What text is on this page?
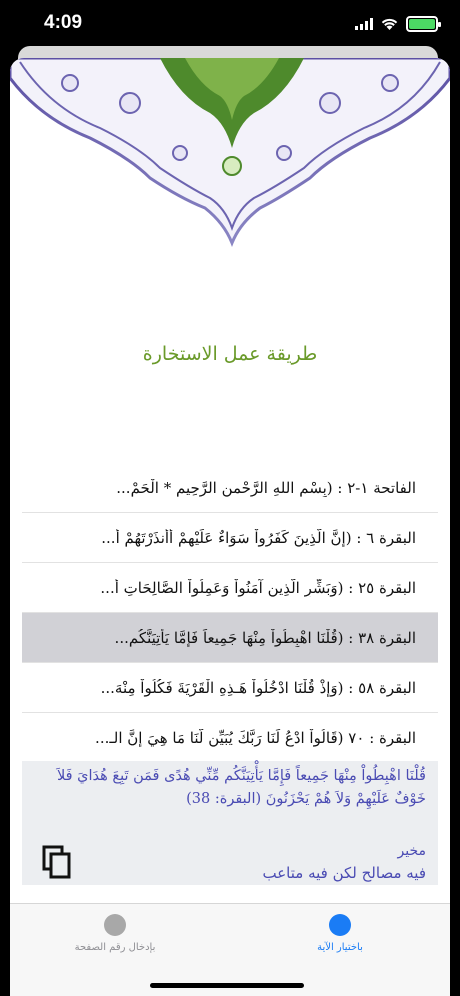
4:09
طريقة عمل الاستخارة
الفاتحة ١-٢ : (بِسْمِ اللهِ الرَّحْمنِ الرَّحِيمِ * الْحَمْ...
البقرة ٦ : (إِنَّ الَّذِينَ كَفَرُواْ سَوَاءٌ عَلَيْهِمْ أَأَنذَرْتَهُمْ أ...
البقرة ٢٥ : (وَبَشِّرِ الَّذِين آمَنُواْ وَعَمِلُواْ الصَّالِحَاتِ أ...
البقرة ٣٨ : (قُلْنَا اهْبِطُواْ مِنْهَا جَمِيعاً فَإِمَّا يَأْتِيَنَّكُم...
البقرة ٥٨ : (وَإِذْ قُلْنَا ادْخُلُواْ هَـذِهِ الْقَرْيَةَ فَكُلُواْ مِنْهَ...
البقرة : ٧٠ (قَالُواْ ادْعُ لَنَا رَبَّكَ يُبَيِّن لَّنَا مَا هِيَ إِنَّ الـ...
قُلْنَا اهْبِطُواْ مِنْهَا جَمِيعاً فَإِمَّا يَأْتِيَنَّكُم مِّنِّي هُدًى فَمَن تَبِعَ هُدَايَ فَلاَ خَوْفٌ عَلَيْهِمْ وَلاَ هُمْ يَحْزَنُونَ (البقرة: 38)
مخير
فيه مصالح لكن فيه متاعب
بإدخال رقم الصفحة	باختيار الآية
